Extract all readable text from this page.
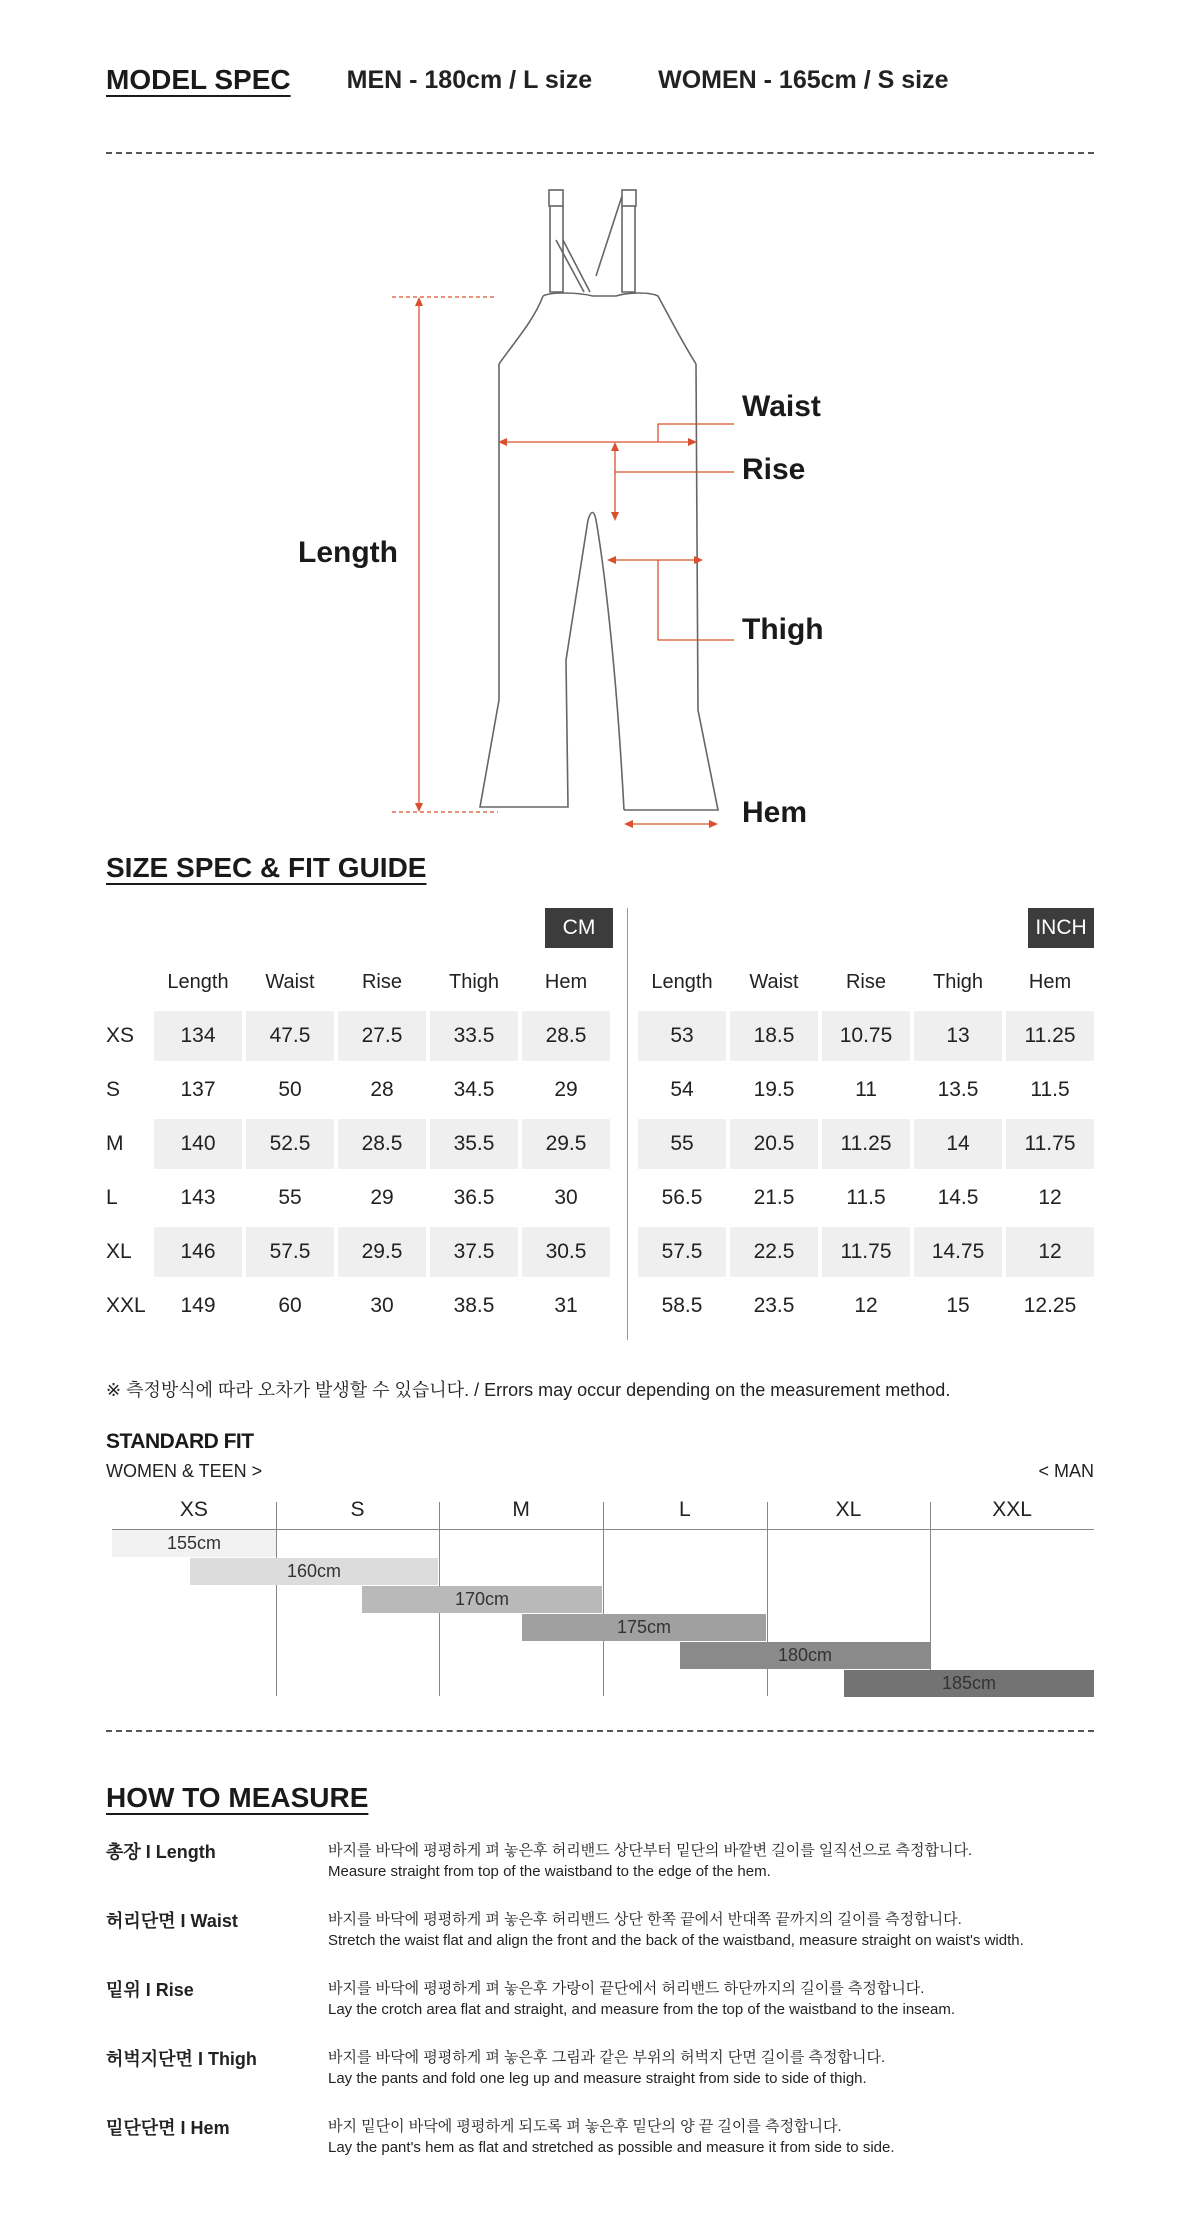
MODEL SPEC MEN - 180cm / L size	WOMEN - 165cm / S size
Waist
Rise
Length
Thigh
Hem
SIZE SPEC & FIT GUIDE
CM	INCH
Length	Waist	Rise	Thigh	Hem	Length	Waist	Rise	Thigh	Hem
XS	134	47.5	27.5	33.5	28.5	53	18.5	10.75	13	11.25
S	137	50	28	34.5	29	54	19.5	11	13.5	11.5
M	140	52.5	28.5	35.5	29.5	55	20.5	11.25	14	11.75
L	143	55	29	36.5	30	56.5	21.5	11.5	14.5	12
XL	146	57.5	29.5	37.5	30.5	57.5	22.5	11.75	14.75	12
XXL	149	60	30	38.5	31	58.5	23.5	12	15	12.25
※ 측정방식에 따라 오차가 발생할 수 있습니다. / Errors may occur depending on the measurement method.
STANDARD FIT
WOMEN & TEEN >	< MAN
XS	S	M	L	XL	XXL
155cm
160cm
170cm
175cm
180cm
185cm
HOW TO MEASURE
총장 I Length	바지를 바닥에 평평하게 펴 놓은후 허리밴드 상단부터 밑단의 바깥변 길이를 일직선으로 측정합니다.
Measure straight from top of the waistband to the edge of the hem.
허리단면 I Waist	바지를 바닥에 평평하게 펴 놓은후 허리밴드 상단 한쪽 끝에서 반대쪽 끝까지의 길이를 측정합니다.
Stretch the waist flat and align the front and the back of the waistband, measure straight on waist's width.
밑위 I Rise	바지를 바닥에 평평하게 펴 놓은후 가랑이 끝단에서 허리밴드 하단까지의 길이를 측정합니다.
Lay the crotch area flat and straight, and measure from the top of the waistband to the inseam.
허벅지단면 I Thigh	바지를 바닥에 평평하게 펴 놓은후 그림과 같은 부위의 허벅지 단면 길이를 측정합니다.
Lay the pants and fold one leg up and measure straight from side to side of thigh.
밑단단면 I Hem	바지 밑단이 바닥에 평평하게 되도록 펴 놓은후 밑단의 양 끝 길이를 측정합니다.
Lay the pant's hem as flat and stretched as possible and measure it from side to side.
